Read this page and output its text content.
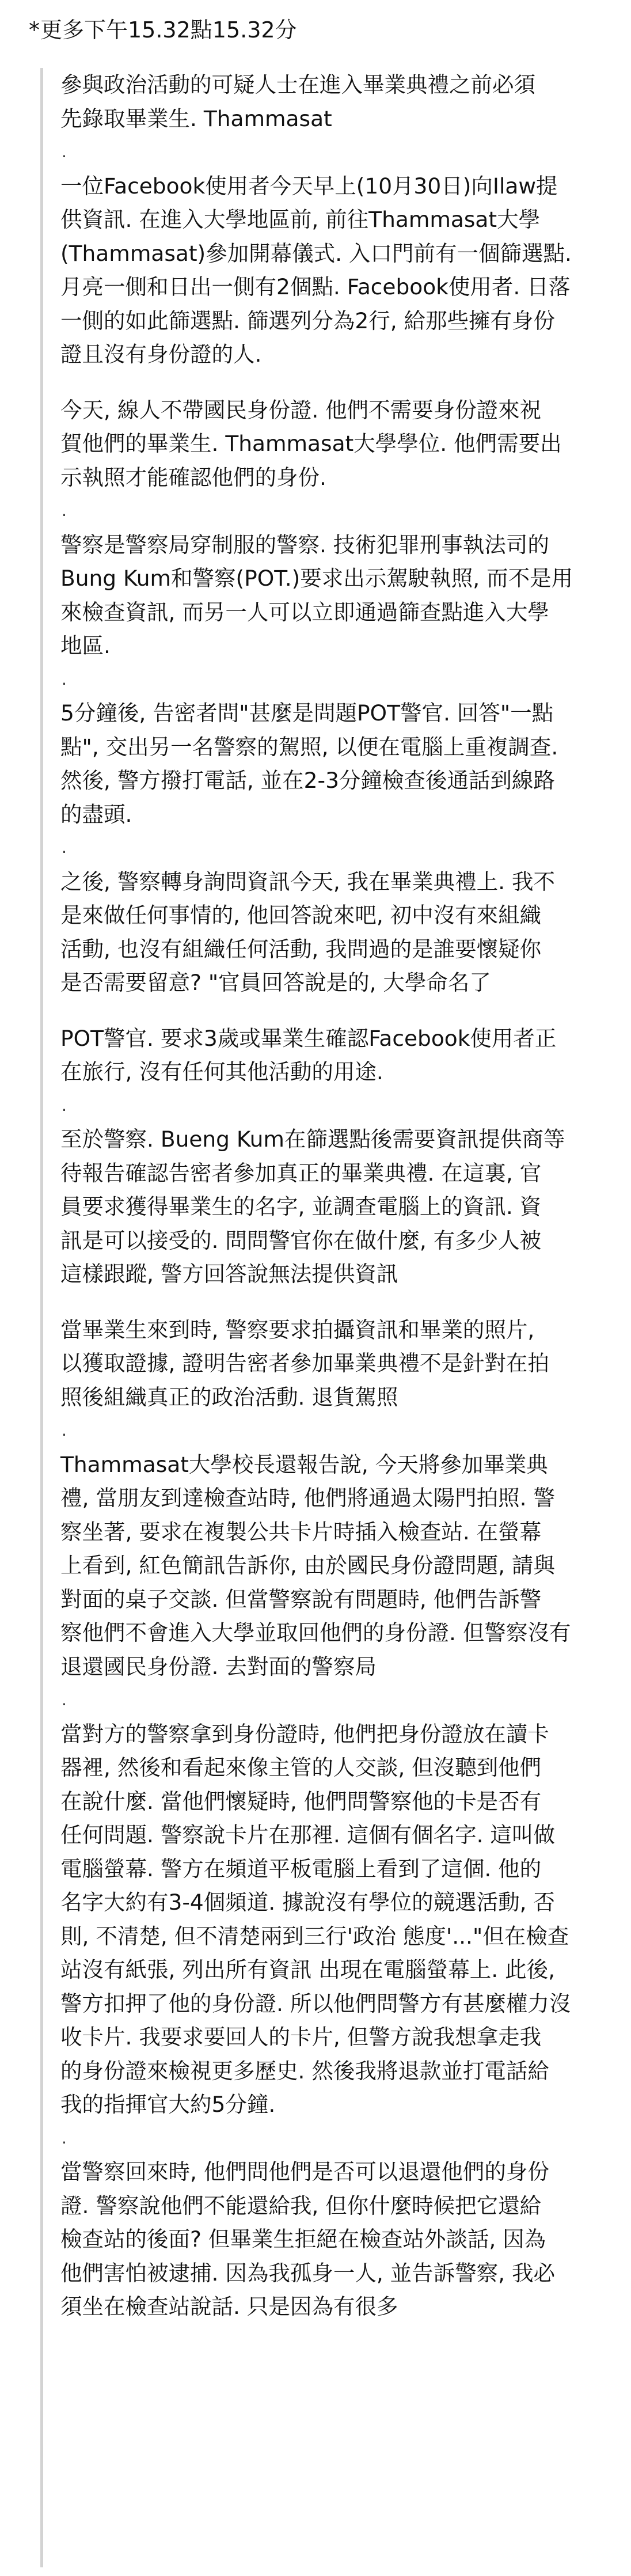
* 更多下午15.32點15.32分

參與政治活動的可疑人士在進入畢業典禮之前必須
先錄取畢業生. Thammasat

.

一位Facebook使用者今天早上(10月30日)向Ilaw提
供資訊. 在進入大學地區前, 前往Thammasat大學
(Thammasat)參加開幕儀式. 入口門前有一個篩選點.
月亮一側和日出一側有2個點. Facebook使用者. 日落
一側的如此篩選點. 篩選列分為2行, 給那些擁有身份
證且沒有身份證的人.

今天, 線人不帶國民身份證. 他們不需要身份證來祝
賀他們的畢業生. Thammasat大學學位. 他們需要出
示執照才能確認他們的身份.

.

警察是警察局穿制服的警察. 技術犯罪刑事執法司的
Bung Kum和警察(POT.)要求出示駕駛執照, 而不是用
來檢查資訊, 而另一人可以立即通過篩查點進入大學
地區.

.

5分鐘後, 告密者問"甚麼是問題POT警官. 回答"一點
點", 交出另一名警察的駕照, 以便在電腦上重複調查.
然後, 警方撥打電話, 並在2-3分鐘檢查後通話到線路
的盡頭.

.

之後, 警察轉身詢問資訊今天, 我在畢業典禮上. 我不
是來做任何事情的, 他回答說來吧, 初中沒有來組織
活動, 也沒有組織任何活動, 我問過的是誰要懷疑你
是否需要留意? "官員回答說是的, 大學命名了

POT警官. 要求3歲或畢業生確認Facebook使用者正
在旅行, 沒有任何其他活動的用途.

.

至於警察. Bueng Kum在篩選點後需要資訊提供商等
待報告確認告密者參加真正的畢業典禮. 在這裏, 官
員要求獲得畢業生的名字, 並調查電腦上的資訊. 資
訊是可以接受的. 問問警官你在做什麼, 有多少人被
這樣跟蹤, 警方回答說無法提供資訊

當畢業生來到時, 警察要求拍攝資訊和畢業的照片,
以獲取證據, 證明告密者參加畢業典禮不是針對在拍
照後組織真正的政治活動. 退貨駕照

.

Thammasat大學校長還報告說, 今天將參加畢業典
禮, 當朋友到達檢查站時, 他們將通過太陽門拍照. 警
察坐著, 要求在複製公共卡片時插入檢查站. 在螢幕
上看到, 紅色簡訊告訴你, 由於國民身份證問題, 請與
對面的桌子交談. 但當警察說有問題時, 他們告訴警
察他們不會進入大學並取回他們的身份證. 但警察沒有
退還國民身份證. 去對面的警察局

.

當對方的警察拿到身份證時, 他們把身份證放在讀卡
器裡, 然後和看起來像主管的人交談, 但沒聽到他們
在說什麼. 當他們懷疑時, 他們問警察他的卡是否有
任何問題. 警察說卡片在那裡. 這個有個名字. 這叫做
電腦螢幕. 警方在頻道平板電腦上看到了這個. 他的
名字大約有3-4個頻道. 據說沒有學位的競選活動, 否
則, 不清楚, 但不清楚兩到三行'政治 態度'..."但在檢查
站沒有紙張, 列出所有資訊 出現在電腦螢幕上. 此後,
警方扣押了他的身份證. 所以他們問警方有甚麼權力沒
收卡片. 我要求要回人的卡片, 但警方說我想拿走我
的身份證來檢視更多歷史. 然後我將退款並打電話給
我的指揮官大約5分鐘.

.

當警察回來時, 他們問他們是否可以退還他們的身份
證. 警察說他們不能還給我, 但你什麼時候把它還給
檢查站的後面? 但畢業生拒絕在檢查站外談話, 因為
他們害怕被逮捕. 因為我孤身一人, 並告訴警察, 我必
須坐在檢查站說話. 只是因為有很多
